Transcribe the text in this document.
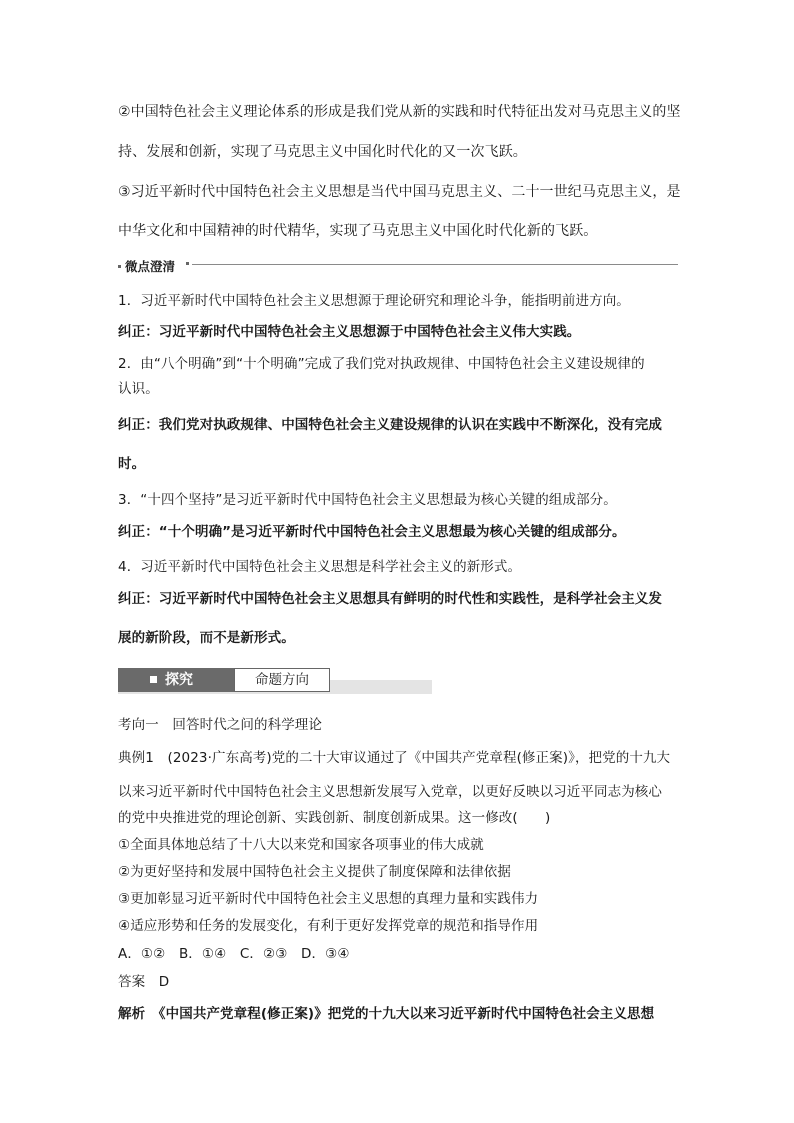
②中国特色社会主义理论体系的形成是我们党从新的实践和时代特征出发对马克思主义的坚
持、发展和创新，实现了马克思主义中国化时代化的又一次飞跃。
③习近平新时代中国特色社会主义思想是当代中国马克思主义、二十一世纪马克思主义，是
中华文化和中国精神的时代精华，实现了马克思主义中国化时代化新的飞跃。
微点澄清
1．习近平新时代中国特色社会主义思想源于理论研究和理论斗争，能指明前进方向。
纠正：习近平新时代中国特色社会主义思想源于中国特色社会主义伟大实践。
2．由“八个明确”到“十个明确”完成了我们党对执政规律、中国特色社会主义建设规律的
认识。
纠正：我们党对执政规律、中国特色社会主义建设规律的认识在实践中不断深化，没有完成
时。
3．“十四个坚持”是习近平新时代中国特色社会主义思想最为核心关键的组成部分。
纠正：“十个明确”是习近平新时代中国特色社会主义思想最为核心关键的组成部分。
4．习近平新时代中国特色社会主义思想是科学社会主义的新形式。
纠正：习近平新时代中国特色社会主义思想具有鲜明的时代性和实践性，是科学社会主义发
展的新阶段，而不是新形式。
探究	命题方向
考向一　回答时代之问的科学理论
典例1　(2023·广东高考)党的二十大审议通过了《中国共产党章程(修正案)》，把党的十九大
以来习近平新时代中国特色社会主义思想新发展写入党章，以更好反映以习近平同志为核心
的党中央推进党的理论创新、实践创新、制度创新成果。这一修改(　　)
①全面具体地总结了十八大以来党和国家各项事业的伟大成就
②为更好坚持和发展中国特色社会主义提供了制度保障和法律依据
③更加彰显习近平新时代中国特色社会主义思想的真理力量和实践伟力
④适应形势和任务的发展变化，有利于更好发挥党章的规范和指导作用
A．①②　B．①④　C．②③　D．③④
答案　D
解析　《中国共产党章程(修正案)》把党的十九大以来习近平新时代中国特色社会主义思想
